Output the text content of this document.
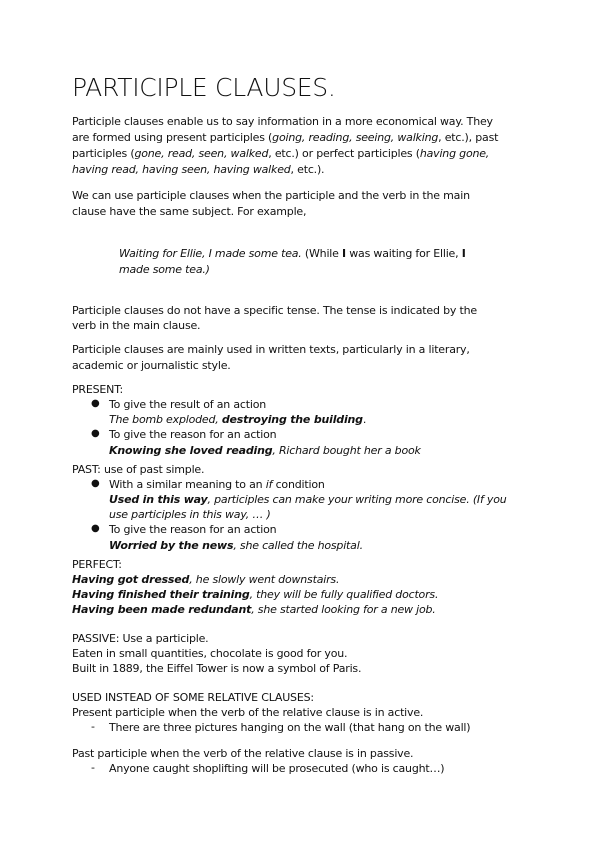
PARTICIPLE CLAUSES.
Participle clauses enable us to say information in a more economical way. They
are formed using present participles (going, reading, seeing, walking, etc.), past
participles (gone, read, seen, walked, etc.) or perfect participles (having gone,
having read, having seen, having walked, etc.).
We can use participle clauses when the participle and the verb in the main
clause have the same subject. For example,
Waiting for Ellie, I made some tea. (While I was waiting for Ellie, I
made some tea.)
Participle clauses do not have a specific tense. The tense is indicated by the
verb in the main clause.
Participle clauses are mainly used in written texts, particularly in a literary,
academic or journalistic style.
PRESENT:
● To give the result of an action
The bomb exploded, destroying the building.
● To give the reason for an action
Knowing she loved reading, Richard bought her a book
PAST: use of past simple.
● With a similar meaning to an if condition
Used in this way, participles can make your writing more concise. (If you
use participles in this way, … )
● To give the reason for an action
Worried by the news, she called the hospital.
PERFECT:
Having got dressed, he slowly went downstairs.
Having finished their training, they will be fully qualified doctors.
Having been made redundant, she started looking for a new job.
PASSIVE: Use a participle.
Eaten in small quantities, chocolate is good for you.
Built in 1889, the Eiffel Tower is now a symbol of Paris.
USED INSTEAD OF SOME RELATIVE CLAUSES:
Present participle when the verb of the relative clause is in active.
- There are three pictures hanging on the wall (that hang on the wall)
Past participle when the verb of the relative clause is in passive.
- Anyone caught shoplifting will be prosecuted (who is caught…)
